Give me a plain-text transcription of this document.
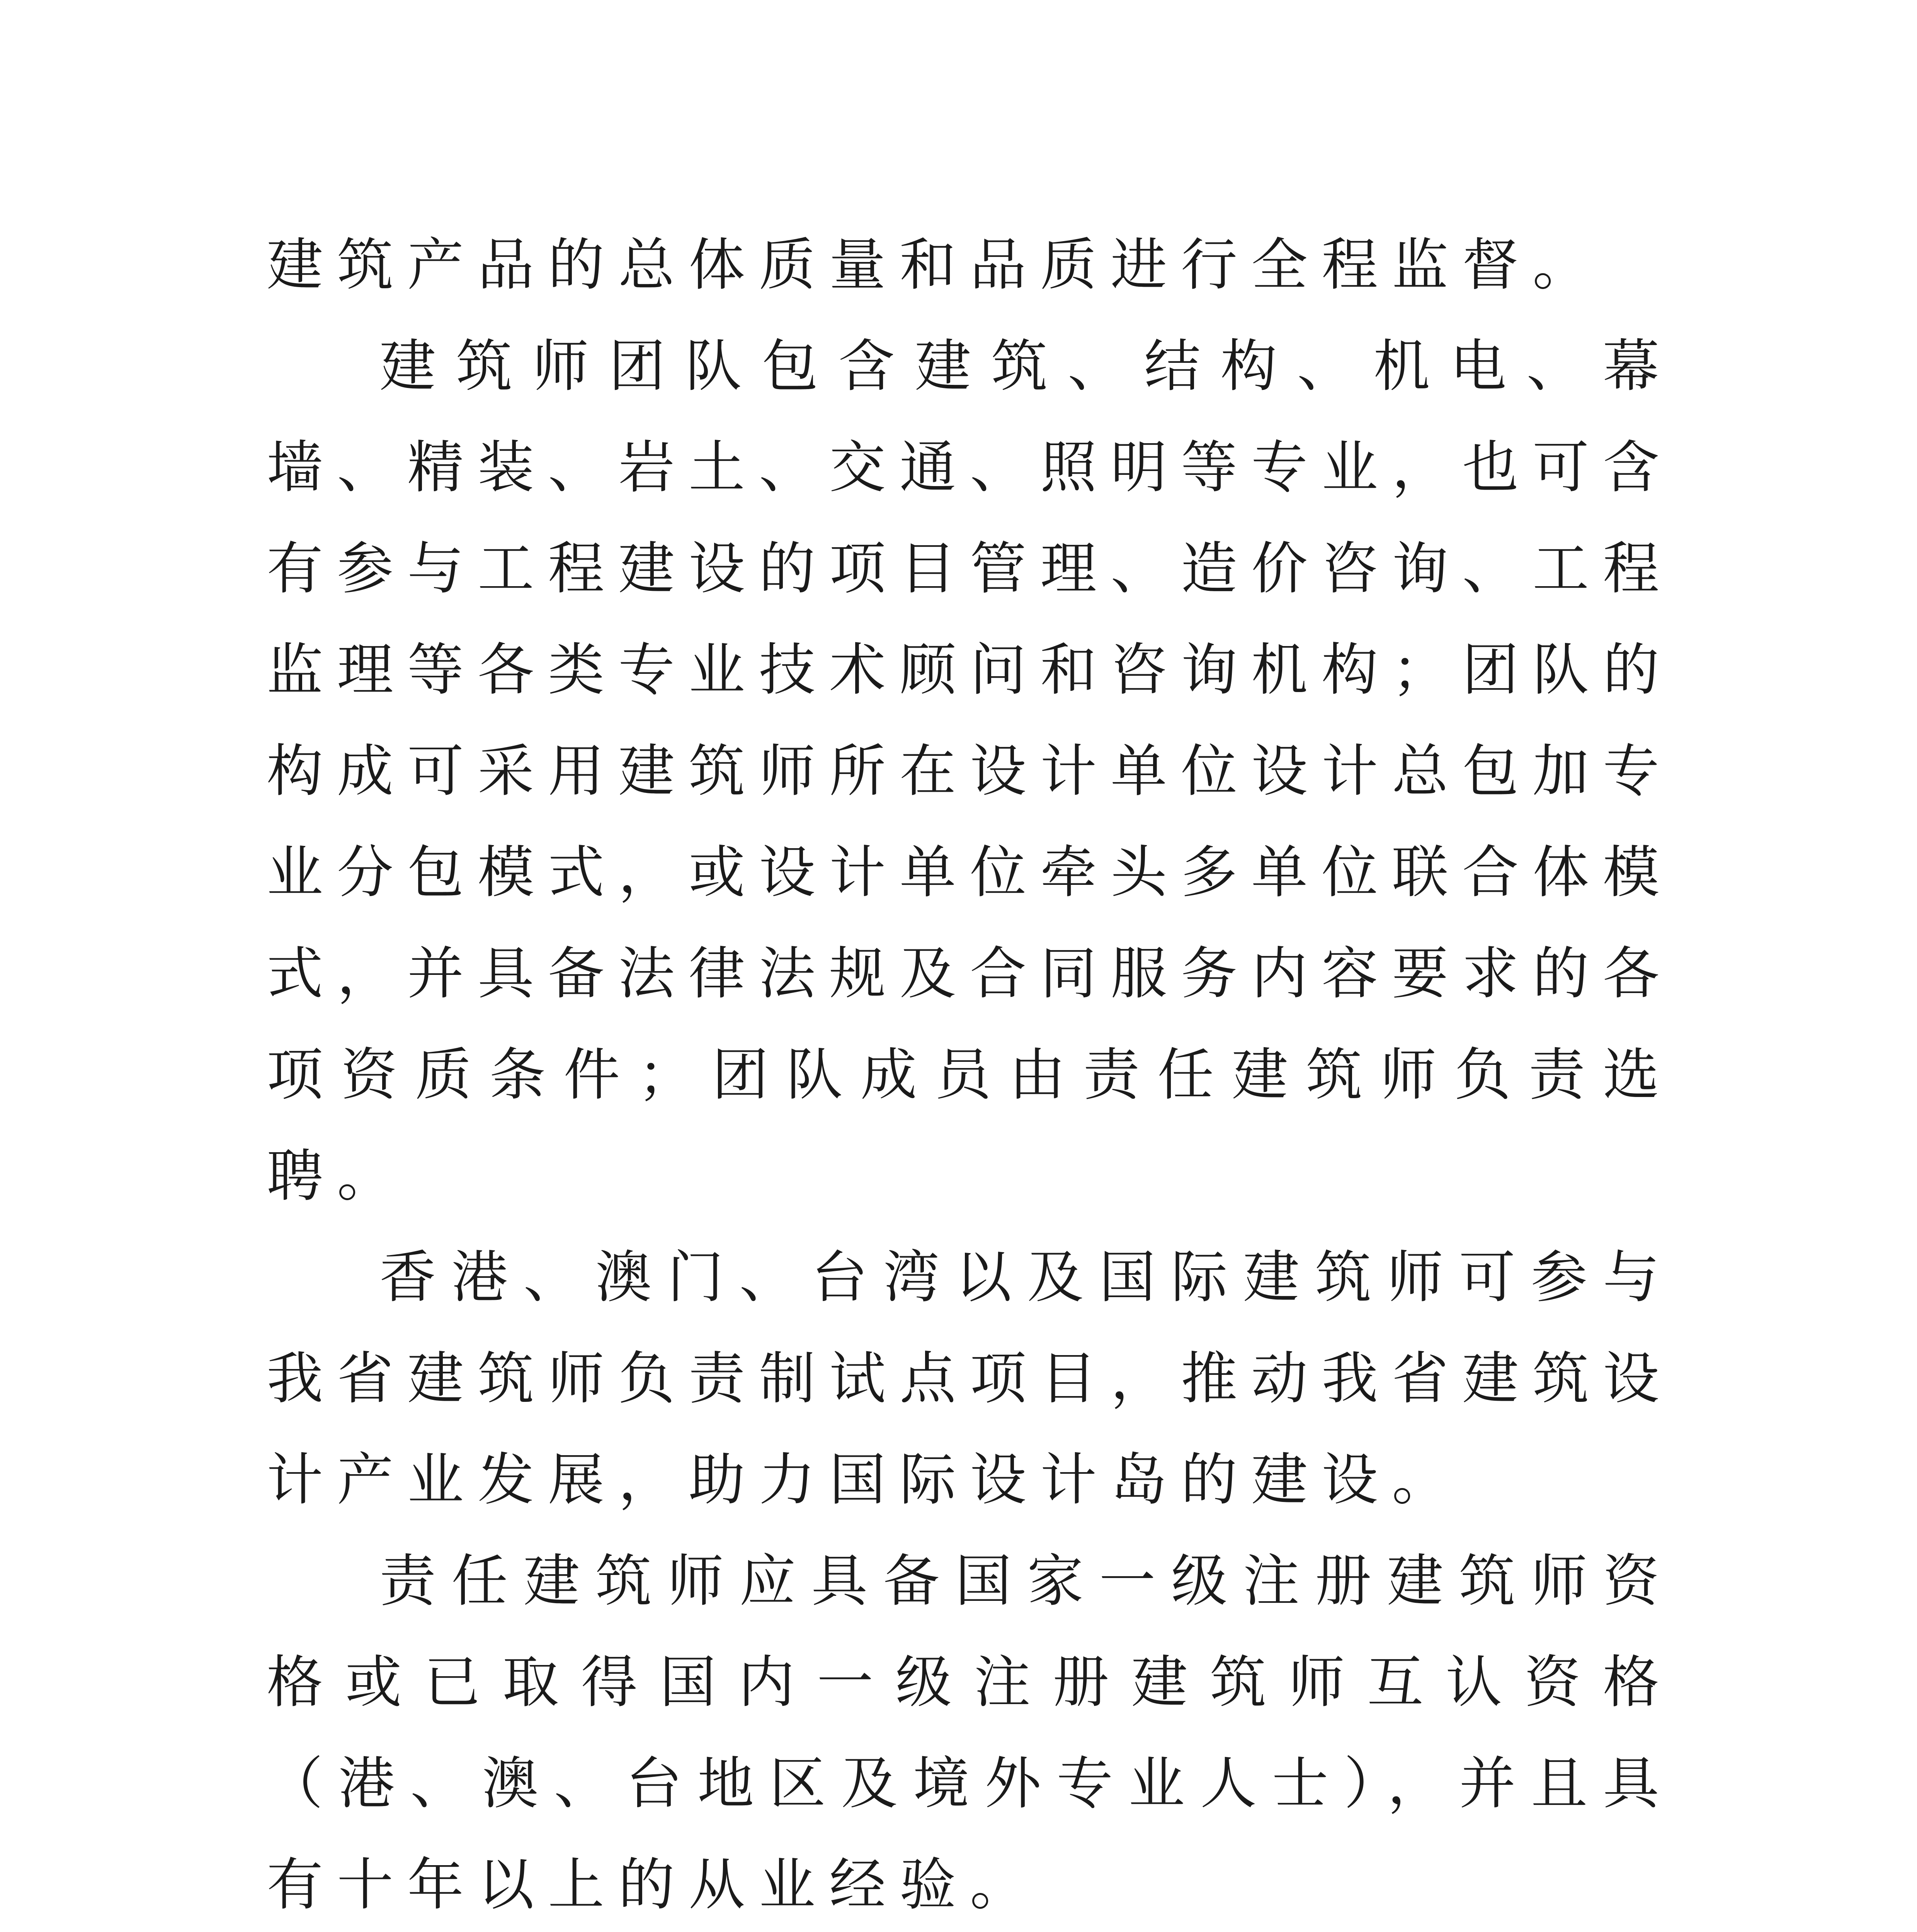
建筑产品的总体质量和品质进行全程监督。

建筑师团队包含建筑、结构、机电、幕墙、精装、岩土、交通、照明等专业，也可含有参与工程建设的项目管理、造价咨询、工程监理等各类专业技术顾问和咨询机构；团队的构成可采用建筑师所在设计单位设计总包加专业分包模式，或设计单位牵头多单位联合体模式，并具备法律法规及合同服务内容要求的各项资质条件；团队成员由责任建筑师负责选聘。

香港、澳门、台湾以及国际建筑师可参与我省建筑师负责制试点项目，推动我省建筑设计产业发展，助力国际设计岛的建设。

责任建筑师应具备国家一级注册建筑师资格或已取得国内一级注册建筑师互认资格（港、澳、台地区及境外专业人士），并且具有十年以上的从业经验。
